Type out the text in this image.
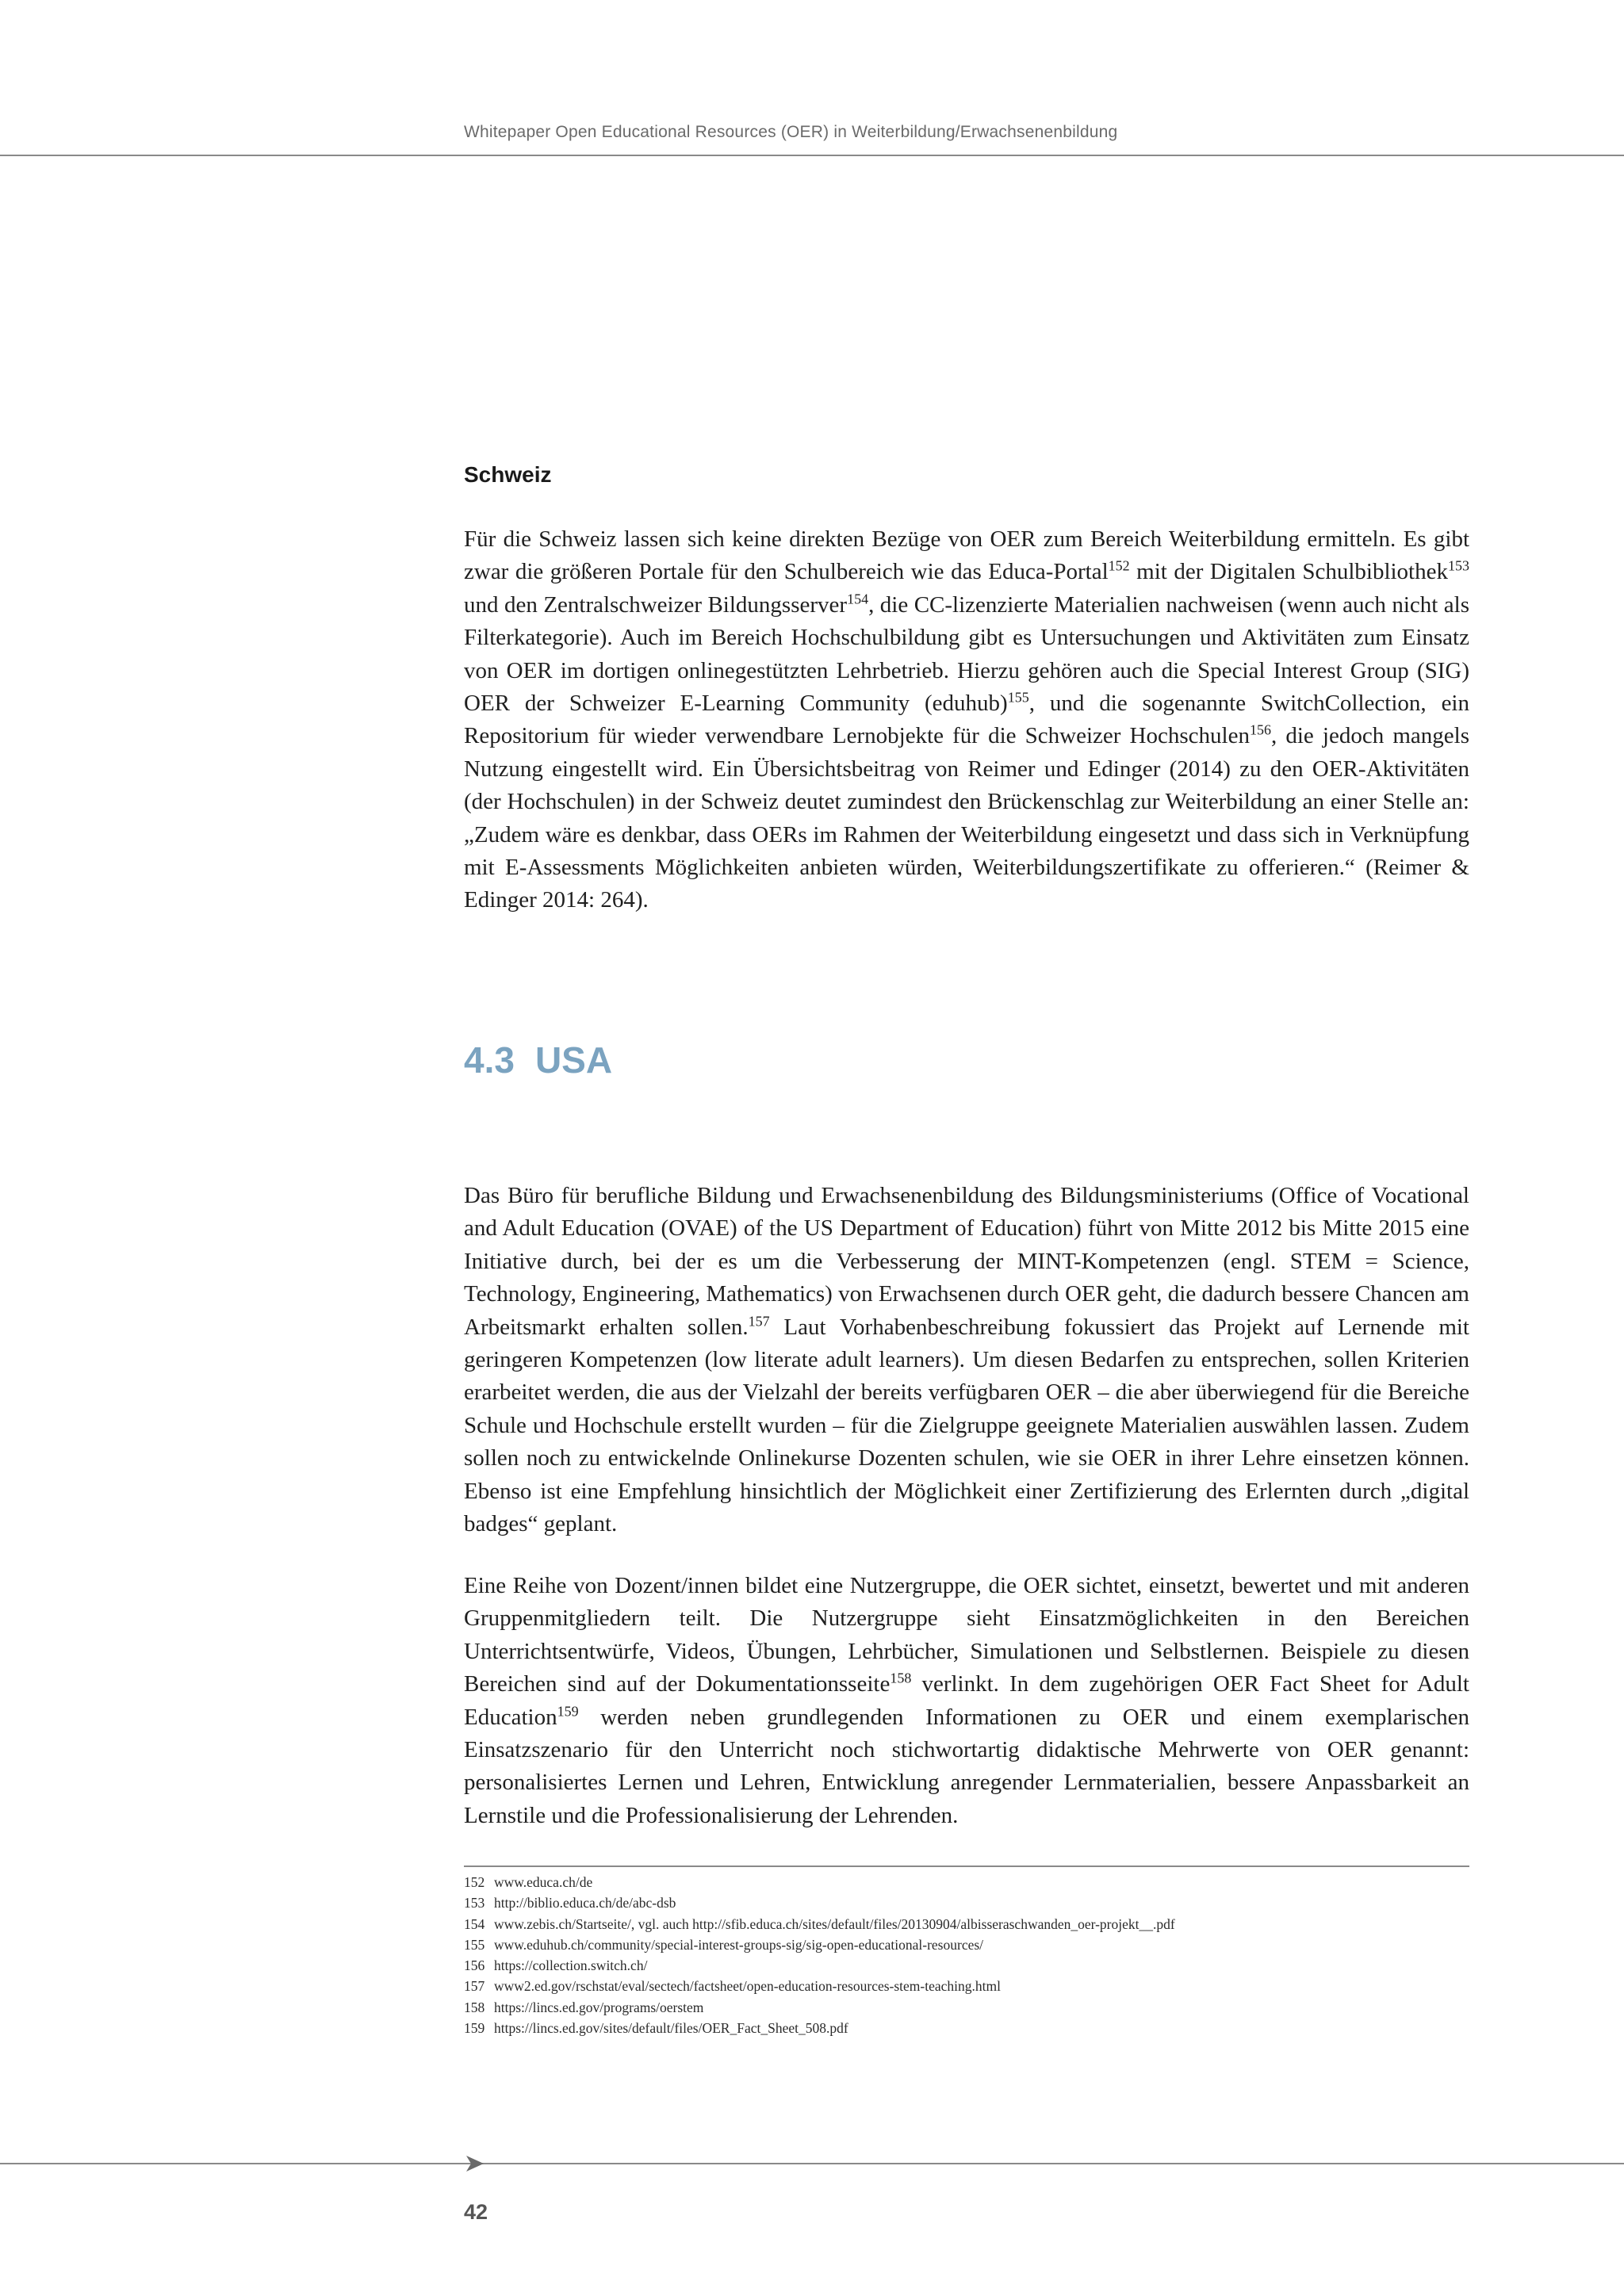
Whitepaper Open Educational Resources (OER) in Weiterbildung/Erwachsenenbildung
Schweiz

Für die Schweiz lassen sich keine direkten Bezüge von OER zum Bereich Weiterbildung ermitteln. Es gibt zwar die größeren Portale für den Schulbereich wie das Educa-Portal$^{152}$ mit der Digitalen Schulbibliothek$^{153}$ und den Zentralschweizer Bildungsserver$^{154}$, die CC-lizenzierte Materialien nachweisen (wenn auch nicht als Filterkategorie). Auch im Bereich Hochschulbildung gibt es Untersuchungen und Aktivitäten zum Einsatz von OER im dortigen onlinegestützten Lehrbetrieb. Hierzu gehören auch die Special Interest Group (SIG) OER der Schweizer E-Learning Community (eduhub)$^{155}$, und die sogenannte SwitchCollection, ein Repositorium für wieder verwendbare Lernobjekte für die Schweizer Hochschulen$^{156}$, die jedoch mangels Nutzung eingestellt wird. Ein Übersichtsbeitrag von Reimer und Edinger (2014) zu den OER-Aktivitäten (der Hochschulen) in der Schweiz deutet zumindest den Brückenschlag zur Weiterbildung an einer Stelle an: „Zudem wäre es denkbar, dass OERs im Rahmen der Weiterbildung eingesetzt und dass sich in Verknüpfung mit E-Assessments Möglichkeiten anbieten würden, Weiterbildungszertifikate zu offerieren.“ (Reimer & Edinger 2014: 264).

4.3 USA

Das Büro für berufliche Bildung und Erwachsenenbildung des Bildungsministeriums (Office of Vocational and Adult Education (OVAE) of the US Department of Education) führt von Mitte 2012 bis Mitte 2015 eine Initiative durch, bei der es um die Verbesserung der MINT-Kompetenzen (engl. STEM = Science, Technology, Engineering, Mathematics) von Erwachsenen durch OER geht, die dadurch bessere Chancen am Arbeitsmarkt erhalten sollen.$^{157}$ Laut Vorhabenbeschreibung fokussiert das Projekt auf Lernende mit geringeren Kompetenzen (low literate adult learners). Um diesen Bedarfen zu entsprechen, sollen Kriterien erarbeitet werden, die aus der Vielzahl der bereits verfügbaren OER – die aber überwiegend für die Bereiche Schule und Hochschule erstellt wurden – für die Zielgruppe geeignete Materialien auswählen lassen. Zudem sollen noch zu entwickelnde Onlinekurse Dozenten schulen, wie sie OER in ihrer Lehre einsetzen können. Ebenso ist eine Empfehlung hinsichtlich der Möglichkeit einer Zertifizierung des Erlernten durch „digital badges“ geplant.

Eine Reihe von Dozent/innen bildet eine Nutzergruppe, die OER sichtet, einsetzt, bewertet und mit anderen Gruppenmitgliedern teilt. Die Nutzergruppe sieht Einsatzmöglichkeiten in den Bereichen Unterrichtsentwürfe, Videos, Übungen, Lehrbücher, Simulationen und Selbstlernen. Beispiele zu diesen Bereichen sind auf der Dokumentationsseite$^{158}$ verlinkt. In dem zugehörigen OER Fact Sheet for Adult Education$^{159}$ werden neben grundlegenden Informationen zu OER und einem exemplarischen Einsatzszenario für den Unterricht noch stichwortartig didaktische Mehrwerte von OER genannt: personalisiertes Lernen und Lehren, Entwicklung anregender Lernmaterialien, bessere Anpassbarkeit an Lernstile und die Professionalisierung der Lehrenden.

152 www.educa.ch/de
153 http://biblio.educa.ch/de/abc-dsb
154 www.zebis.ch/Startseite/, vgl. auch http://sfib.educa.ch/sites/default/files/20130904/albisseraschwanden_oer-projekt__.pdf
155 www.eduhub.ch/community/special-interest-groups-sig/sig-open-educational-resources/
156 https://collection.switch.ch/
157 www2.ed.gov/rschstat/eval/sectech/factsheet/open-education-resources-stem-teaching.html
158 https://lincs.ed.gov/programs/oerstem
159 https://lincs.ed.gov/sites/default/files/OER_Fact_Sheet_508.pdf
42
